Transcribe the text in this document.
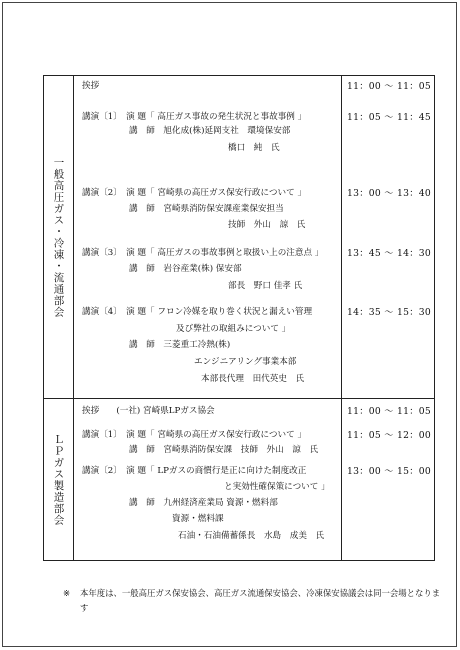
一般高圧ガス・冷凍・流通部会
ＬＰガス製造部会
挨拶	11：00 〜 11：05
講演〔1〕　演 題「 高圧ガス事故の発生状況と事故事例 」
講　師　旭化成(株)延岡支社　環境保安部
橋口　純　氏
11：05 〜 11：45
講演〔2〕　演 題「 宮崎県の高圧ガス保安行政について 」
講　師　宮崎県消防保安課産業保安担当
技師　外山　諒　氏
13：00 〜 13：40
講演〔3〕　演 題「 高圧ガスの事故事例と取扱い上の注意点 」
講　師　岩谷産業(株) 保安部
部長　野口 佳孝 氏
13：45 〜 14：30
講演〔4〕　演 題「 フロン冷媒を取り巻く状況と漏えい管理
及び弊社の取組みについて 」
講　師　三菱重工冷熱(株)
エンジニアリング事業本部
本部長代理　田代英史　氏
14：35 〜 15：30
挨拶　　(一社) 宮崎県LPガス協会	11：00 〜 11：05
講演〔1〕　演 題「 宮崎県の高圧ガス保安行政について 」
講　師　宮崎県消防保安課　技師　外山　諒　氏
11：05 〜 12：00
講演〔2〕　演 題「 LPガスの商慣行是正に向けた制度改正
と実効性確保策について 」
講　師　九州経済産業局 資源・燃料部
資源・燃料課
石油・石油備蓄係長　水島　成美　氏
13：00 〜 15：00
※ 本年度は、一般高圧ガス保安協会、高圧ガス流通保安協会、冷凍保安協議会は同一会場となります
